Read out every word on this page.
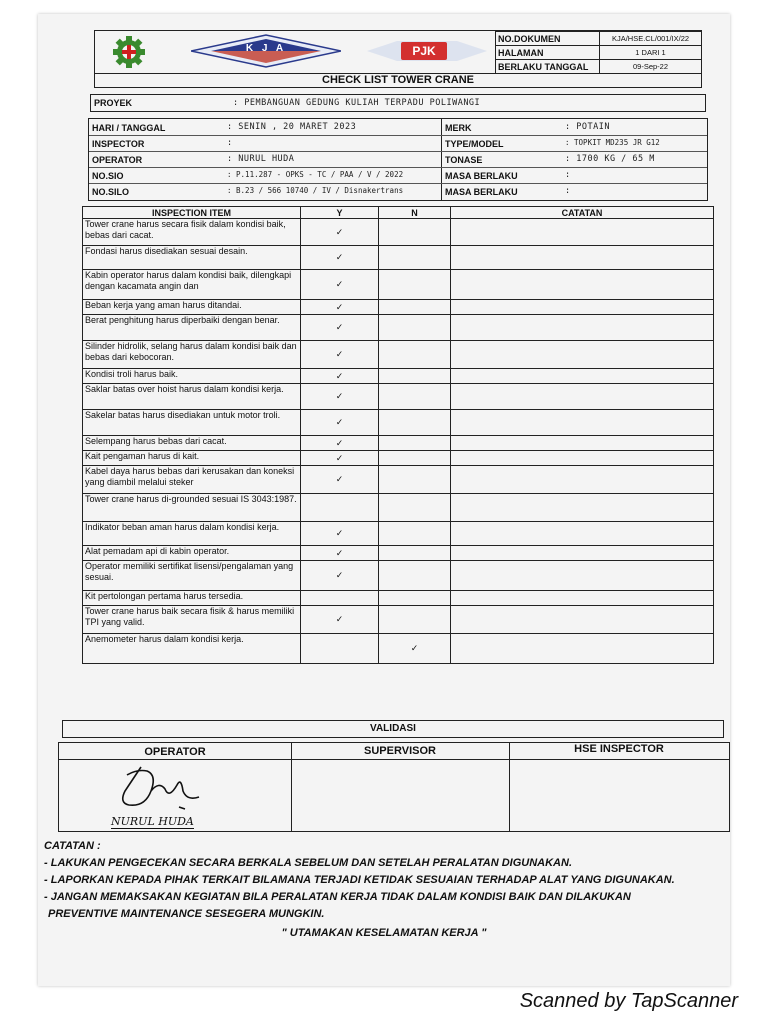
K J A	PJK
NO.DOKUMEN	KJA/HSE.CL/001/IX/22
HALAMAN	1 DARI 1
BERLAKU TANGGAL	09-Sep-22
CHECK LIST TOWER CRANE
PROYEK	: PEMBANGUAN GEDUNG KULIAH TERPADU POLIWANGI
HARI / TANGGAL	: SENIN , 20 MARET 2023
INSPECTOR	:
OPERATOR	: NURUL HUDA
NO.SIO	: P.11.287 - OPKS - TC / PAA / V / 2022
NO.SILO	: B.23 / 566 10740 / IV / Disnakertrans
MERK	: POTAIN
TYPE/MODEL	: TOPKIT MD235 JR G12
TONASE	: 1700 KG / 65 M
MASA BERLAKU	:
MASA BERLAKU	:
INSPECTION ITEM	Y	N	CATATAN
Tower crane harus secara fisik dalam kondisi baik, bebas dari cacat.	✓		
Fondasi harus disediakan sesuai desain.	✓		
Kabin operator harus dalam kondisi baik, dilengkapi dengan kacamata angin dan	✓		
Beban kerja yang aman harus ditandai.	✓		
Berat penghitung harus diperbaiki dengan benar.	✓		
Silinder hidrolik, selang harus dalam kondisi baik dan bebas dari kebocoran.	✓		
Kondisi troli harus baik.	✓		
Saklar batas over hoist harus dalam kondisi kerja.	✓		
Sakelar batas harus disediakan untuk motor troli.	✓		
Selempang harus bebas dari cacat.	✓		
Kait pengaman harus di kait.	✓		
Kabel daya harus bebas dari kerusakan dan koneksi yang diambil melalui steker	✓		
Tower crane harus di-grounded sesuai IS 3043:1987.			
Indikator beban aman harus dalam kondisi kerja.	✓		
Alat pemadam api di kabin operator.	✓		
Operator memiliki sertifikat lisensi/pengalaman yang sesuai.	✓		
Kit pertolongan pertama harus tersedia.			
Tower crane harus baik secara fisik & harus memiliki TPI yang valid.	✓		
Anemometer harus dalam kondisi kerja.		✓	
VALIDASI
OPERATOR	SUPERVISOR	HSE INSPECTOR
NURUL HUDA
CATATAN :
- LAKUKAN PENGECEKAN SECARA BERKALA SEBELUM DAN SETELAH PERALATAN DIGUNAKAN.
- LAPORKAN KEPADA PIHAK TERKAIT BILAMANA TERJADI KETIDAK SESUAIAN TERHADAP ALAT YANG DIGUNAKAN.
- JANGAN MEMAKSAKAN KEGIATAN BILA PERALATAN KERJA TIDAK DALAM KONDISI BAIK DAN DILAKUKAN
PREVENTIVE MAINTENANCE SESEGERA MUNGKIN.
" UTAMAKAN KESELAMATAN KERJA "
Scanned by TapScanner
